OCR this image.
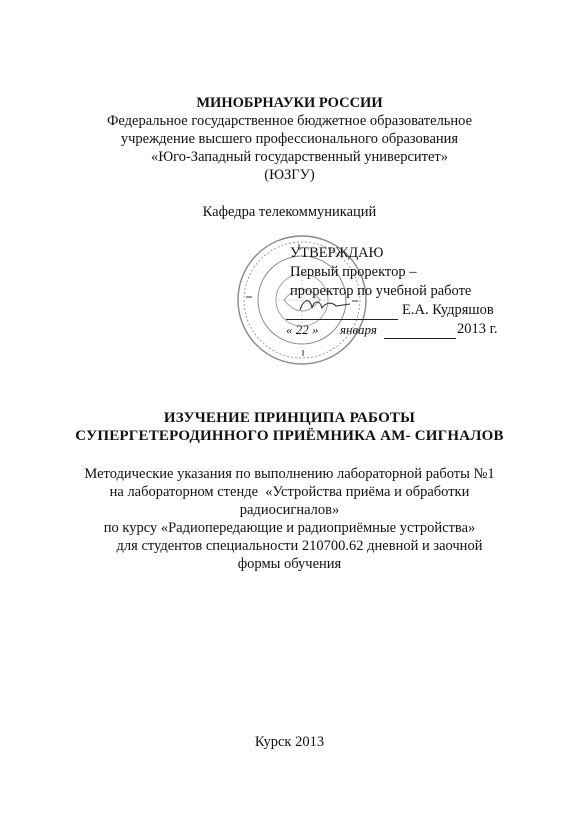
МИНОБРНАУКИ РОССИИ
Федеральное государственное бюджетное образовательное
учреждение высшего профессионального образования
«Юго-Западный государственный университет»
(ЮЗГУ)
Кафедра телекоммуникаций
УТВЕРЖДАЮ
Первый проректор –
проректор по учебной работе

Е.А. Кудряшов
« 22 » января
	2013 г.
ИЗУЧЕНИЕ ПРИНЦИПА РАБОТЫ
СУПЕРГЕТЕРОДИННОГО ПРИЁМНИКА АМ- СИГНАЛОВ
Методические указания по выполнению лабораторной работы №1
на лабораторном стенде  «Устройства приёма и обработки
радиосигналов»
по курсу «Радиопередающие и радиоприёмные устройства»
для студентов специальности 210700.62 дневной и заочной
формы обучения
Курск 2013
